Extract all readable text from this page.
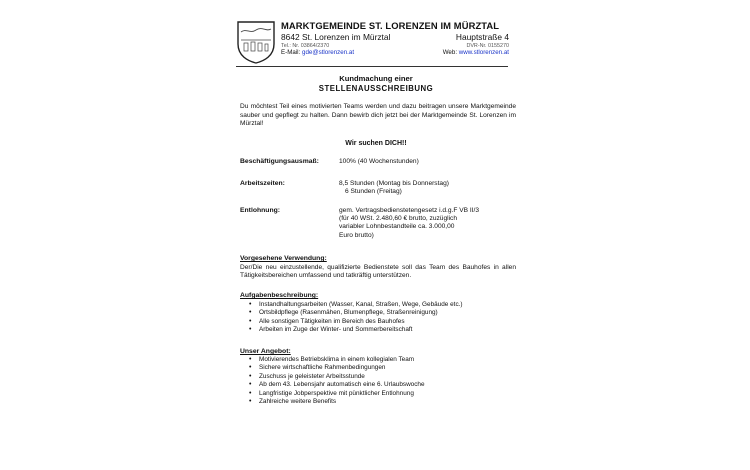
MARKTGEMEINDE ST. LORENZEN IM MÜRZTAL
8642 St. Lorenzen im Mürztal	Hauptstraße 4
Tel.: Nr. 03864/2370	DVR-Nr. 0155270
E-Mail: gde@stlorenzen.at	Web: www.stlorenzen.at
Kundmachung einer
STELLENAUSSCHREIBUNG
Du möchtest Teil eines motivierten Teams werden und dazu beitragen unsere Marktgemeinde sauber und gepflegt zu halten. Dann bewirb dich jetzt bei der Marktgemeinde St. Lorenzen im Mürztal!
Wir suchen DICH!!
Beschäftigungsausmaß:	100% (40 Wochenstunden)
Arbeitszeiten:	8,5 Stunden (Montag bis Donnerstag)
6 Stunden (Freitag)
Entlohnung:	gem. Vertragsbedienstetengesetz i.d.g.F VB II/3
(für 40 WSt. 2.480,60 € brutto, zuzüglich
variabler Lohnbestandteile ca. 3.000,00
Euro brutto)
Vorgesehene Verwendung:
Der/Die neu einzustellende, qualifizierte Bedienstete soll das Team des Bauhofes in allen Tätigkeitsbereichen umfassend und tatkräftig unterstützen.
Aufgabenbeschreibung:
• Instandhaltungsarbeiten (Wasser, Kanal, Straßen, Wege, Gebäude etc.)
• Ortsbildpflege (Rasenmähen, Blumenpflege, Straßenreinigung)
• Alle sonstigen Tätigkeiten im Bereich des Bauhofes
• Arbeiten im Zuge der Winter- und Sommerbereitschaft
Unser Angebot:
• Motivierendes Betriebsklima in einem kollegialen Team
• Sichere wirtschaftliche Rahmenbedingungen
• Zuschuss je geleisteter Arbeitsstunde
• Ab dem 43. Lebensjahr automatisch eine 6. Urlaubswoche
• Langfristige Jobperspektive mit pünktlicher Entlohnung
• Zahlreiche weitere Benefits
